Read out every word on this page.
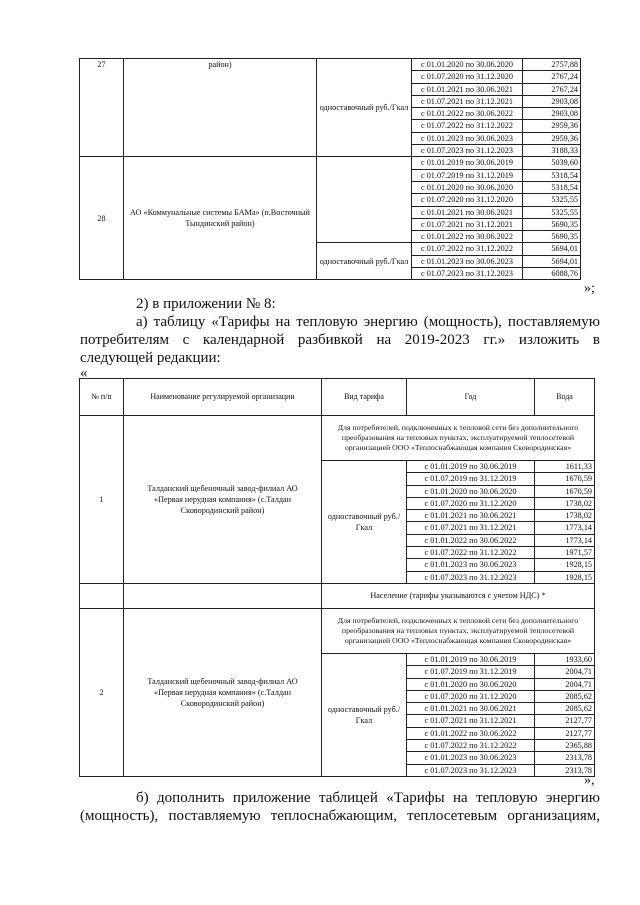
27	район)	одноставочный руб./Гкал	с 01.01.2020 по 30.06.2020	2757,88
			с 01.07.2020 по 31.12.2020	2767,24
			с 01.01.2021 по 30.06.2021	2767,24
			с 01.07.2021 по 31.12.2021	2903,08
			с 01.01.2022 по 30.06.2022	2903,08
			с 01.07.2022 по 31.12.2022	2959,36
			с 01.01.2023 по 30.06.2023	2959,36
			с 01.07.2023 по 31.12.2023	3188,33
28	АО «Коммунальные системы БАМа» (п.Восточный Тындинский район)		с 01.01.2019 по 30.06.2019	5039,60
			с 01.07.2019 по 31.12.2019	5318,54
			с 01.01.2020 по 30.06.2020	5318,54
			с 01.07.2020 по 31.12.2020	5325,55
			с 01.01.2021 по 30.06.2021	5325,55
			с 01.07.2021 по 31.12.2021	5690,35
			с 01.01.2022 по 30.06.2022	5690,35
		одноставочный руб./Гкал	с 01.07.2022 по 31.12.2022	5694,01
			с 01.01.2023 по 30.06.2023	5694,01
			с 01.07.2023 по 31.12.2023	6088,76
»;

2) в приложении № 8:

а) таблицу «Тарифы на тепловую энергию (мощность), поставляемую

потребителям с календарной разбивкой на 2019-2023 гг.» изложить в

следующей редакции:

«

№ п/п	Наименование регулируемой организации	Вид тарифа	Год	Вода
1	Талданский щебеночный завод-филиал АО «Первая нерудная компания» (с.Талдан Сковородинский район)	Для потребителей, подключенных к тепловой сети без дополнительного преобразования на тепловых пунктах, эксплуатируемой теплосетевой организацией ООО «Теплоснабжающая компания Сковородинская»		
		одноставочный руб./Гкал	с 01.01.2019 по 30.06.2019	1611,33
			с 01.07.2019 по 31.12.2019	1670,59
			с 01.01.2020 по 30.06.2020	1670,59
			с 01.07.2020 по 31.12.2020	1738,02
			с 01.01.2021 по 30.06.2021	1738,02
			с 01.07.2021 по 31.12.2021	1773,14
			с 01.01.2022 по 30.06.2022	1773,14
			с 01.07.2022 по 31.12.2022	1971,57
			с 01.01.2023 по 30.06.2023	1928,15
			с 01.07.2023 по 31.12.2023	1928,15
		Население (тарифы указываются с учетом НДС) *		
2	Талданский щебеночный завод-филиал АО «Первая нерудная компания» (с.Талдан Сковородинский район)	Для потребителей, подключенных к тепловой сети без дополнительного преобразования на тепловых пунктах, эксплуатируемой теплосетевой организацией ООО «Теплоснабжающая компания Сковородинская»		
		одноставочный руб./Гкал	с 01.01.2019 по 30.06.2019	1933,60
			с 01.07.2019 по 31.12.2019	2004,71
			с 01.01.2020 по 30.06.2020	2004,71
			с 01.07.2020 по 31.12.2020	2085,62
			с 01.01.2021 по 30.06.2021	2085,62
			с 01.07.2021 по 31.12.2021	2127,77
			с 01.01.2022 по 30.06.2022	2127,77
			с 01.07.2022 по 31.12.2022	2365,88
			с 01.01.2023 по 30.06.2023	2313,78
			с 01.07.2023 по 31.12.2023	2313,78
»,

б) дополнить приложение таблицей «Тарифы на тепловую энергию

(мощность), поставляемую теплоснабжающим, теплосетевым организациям,
